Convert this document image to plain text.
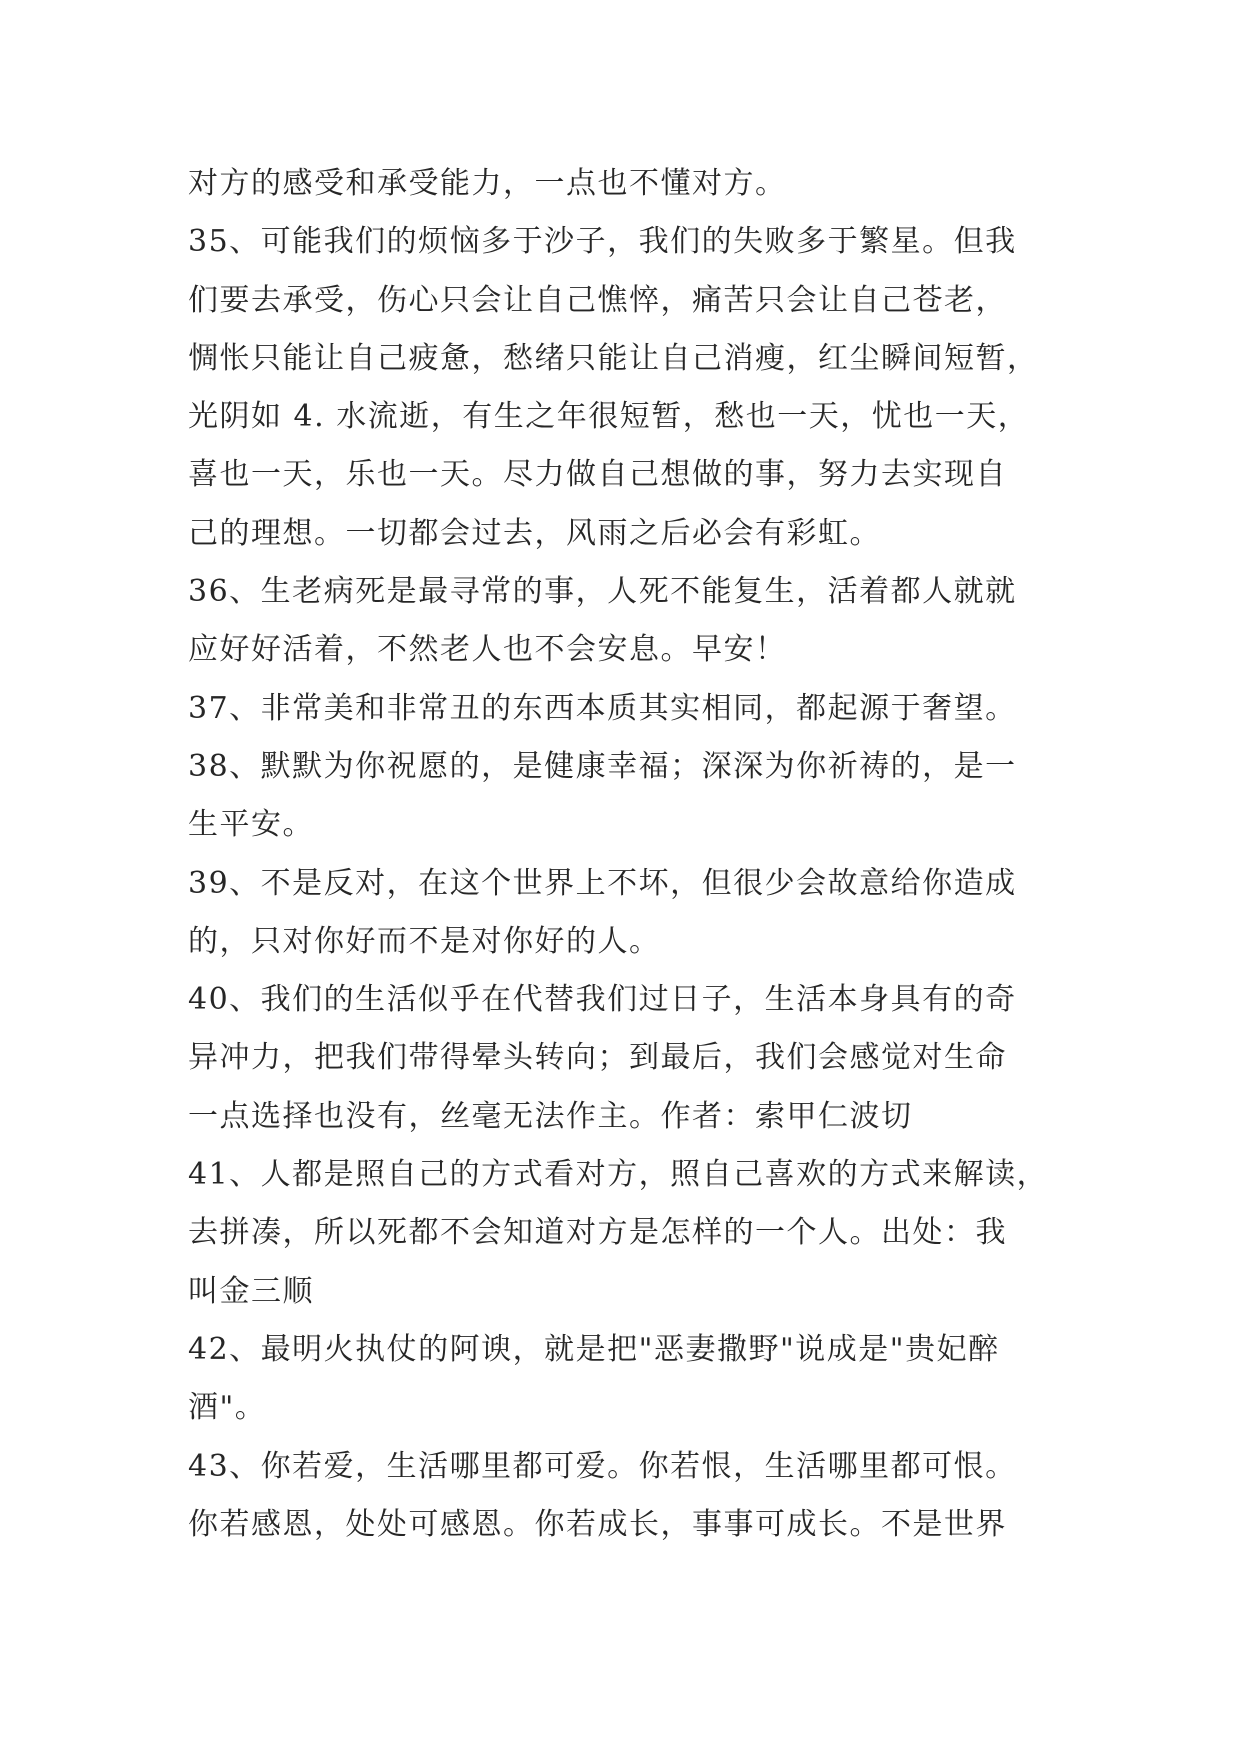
对方的感受和承受能力，一点也不懂对方。
35、可能我们的烦恼多于沙子，我们的失败多于繁星。但我
们要去承受，伤心只会让自己憔悴，痛苦只会让自己苍老，
惆怅只能让自己疲惫，愁绪只能让自己消瘦，红尘瞬间短暂，
光阴如 4. 水流逝，有生之年很短暂，愁也一天，忧也一天，
喜也一天，乐也一天。尽力做自己想做的事，努力去实现自
己的理想。一切都会过去，风雨之后必会有彩虹。
36、生老病死是最寻常的事，人死不能复生，活着都人就就
应好好活着，不然老人也不会安息。早安！
37、非常美和非常丑的东西本质其实相同，都起源于奢望。
38、默默为你祝愿的，是健康幸福；深深为你祈祷的，是一
生平安。
39、不是反对，在这个世界上不坏，但很少会故意给你造成
的，只对你好而不是对你好的人。
40、我们的生活似乎在代替我们过日子，生活本身具有的奇
异冲力，把我们带得晕头转向；到最后，我们会感觉对生命
一点选择也没有，丝毫无法作主。作者：索甲仁波切
41、人都是照自己的方式看对方，照自己喜欢的方式来解读，
去拼凑，所以死都不会知道对方是怎样的一个人。出处：我
叫金三顺
42、最明火执仗的阿谀，就是把"恶妻撒野"说成是"贵妃醉
酒"。
43、你若爱，生活哪里都可爱。你若恨，生活哪里都可恨。
你若感恩，处处可感恩。你若成长，事事可成长。不是世界
